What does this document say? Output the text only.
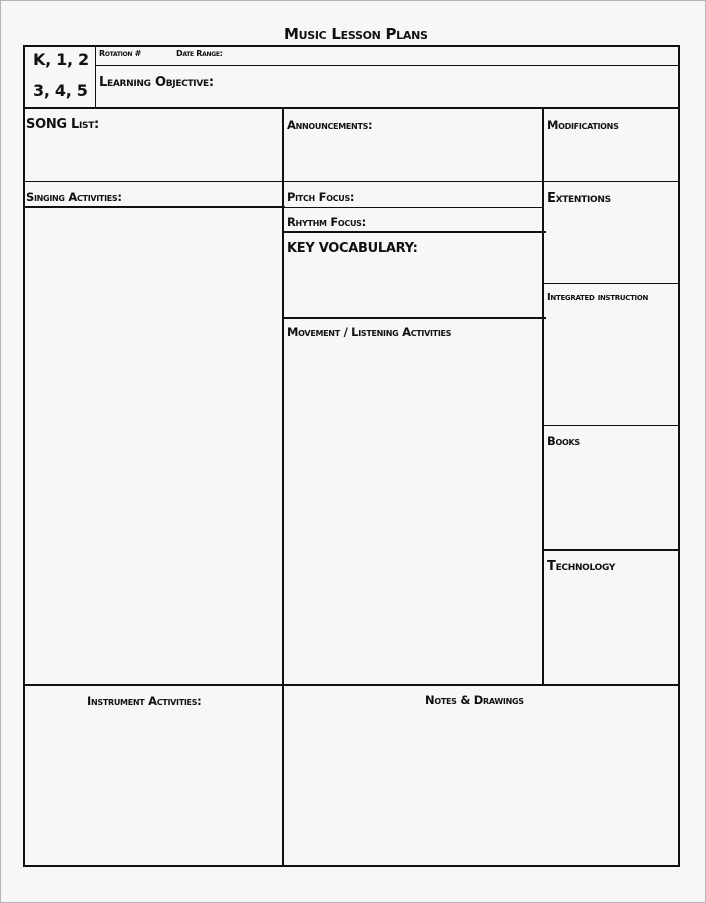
Music Lesson Plans
K, 1, 2
3, 4, 5
Rotation #	Date Range:
Learning Objective:
SONG List:	Announcements:	Modifications
Singing Activities:	Pitch Focus:	Extentions
Rhythm Focus:
KEY VOCABULARY:
Integrated instruction
Movement / Listening Activities
Books
Technology
Instrument Activities:	Notes & Drawings
